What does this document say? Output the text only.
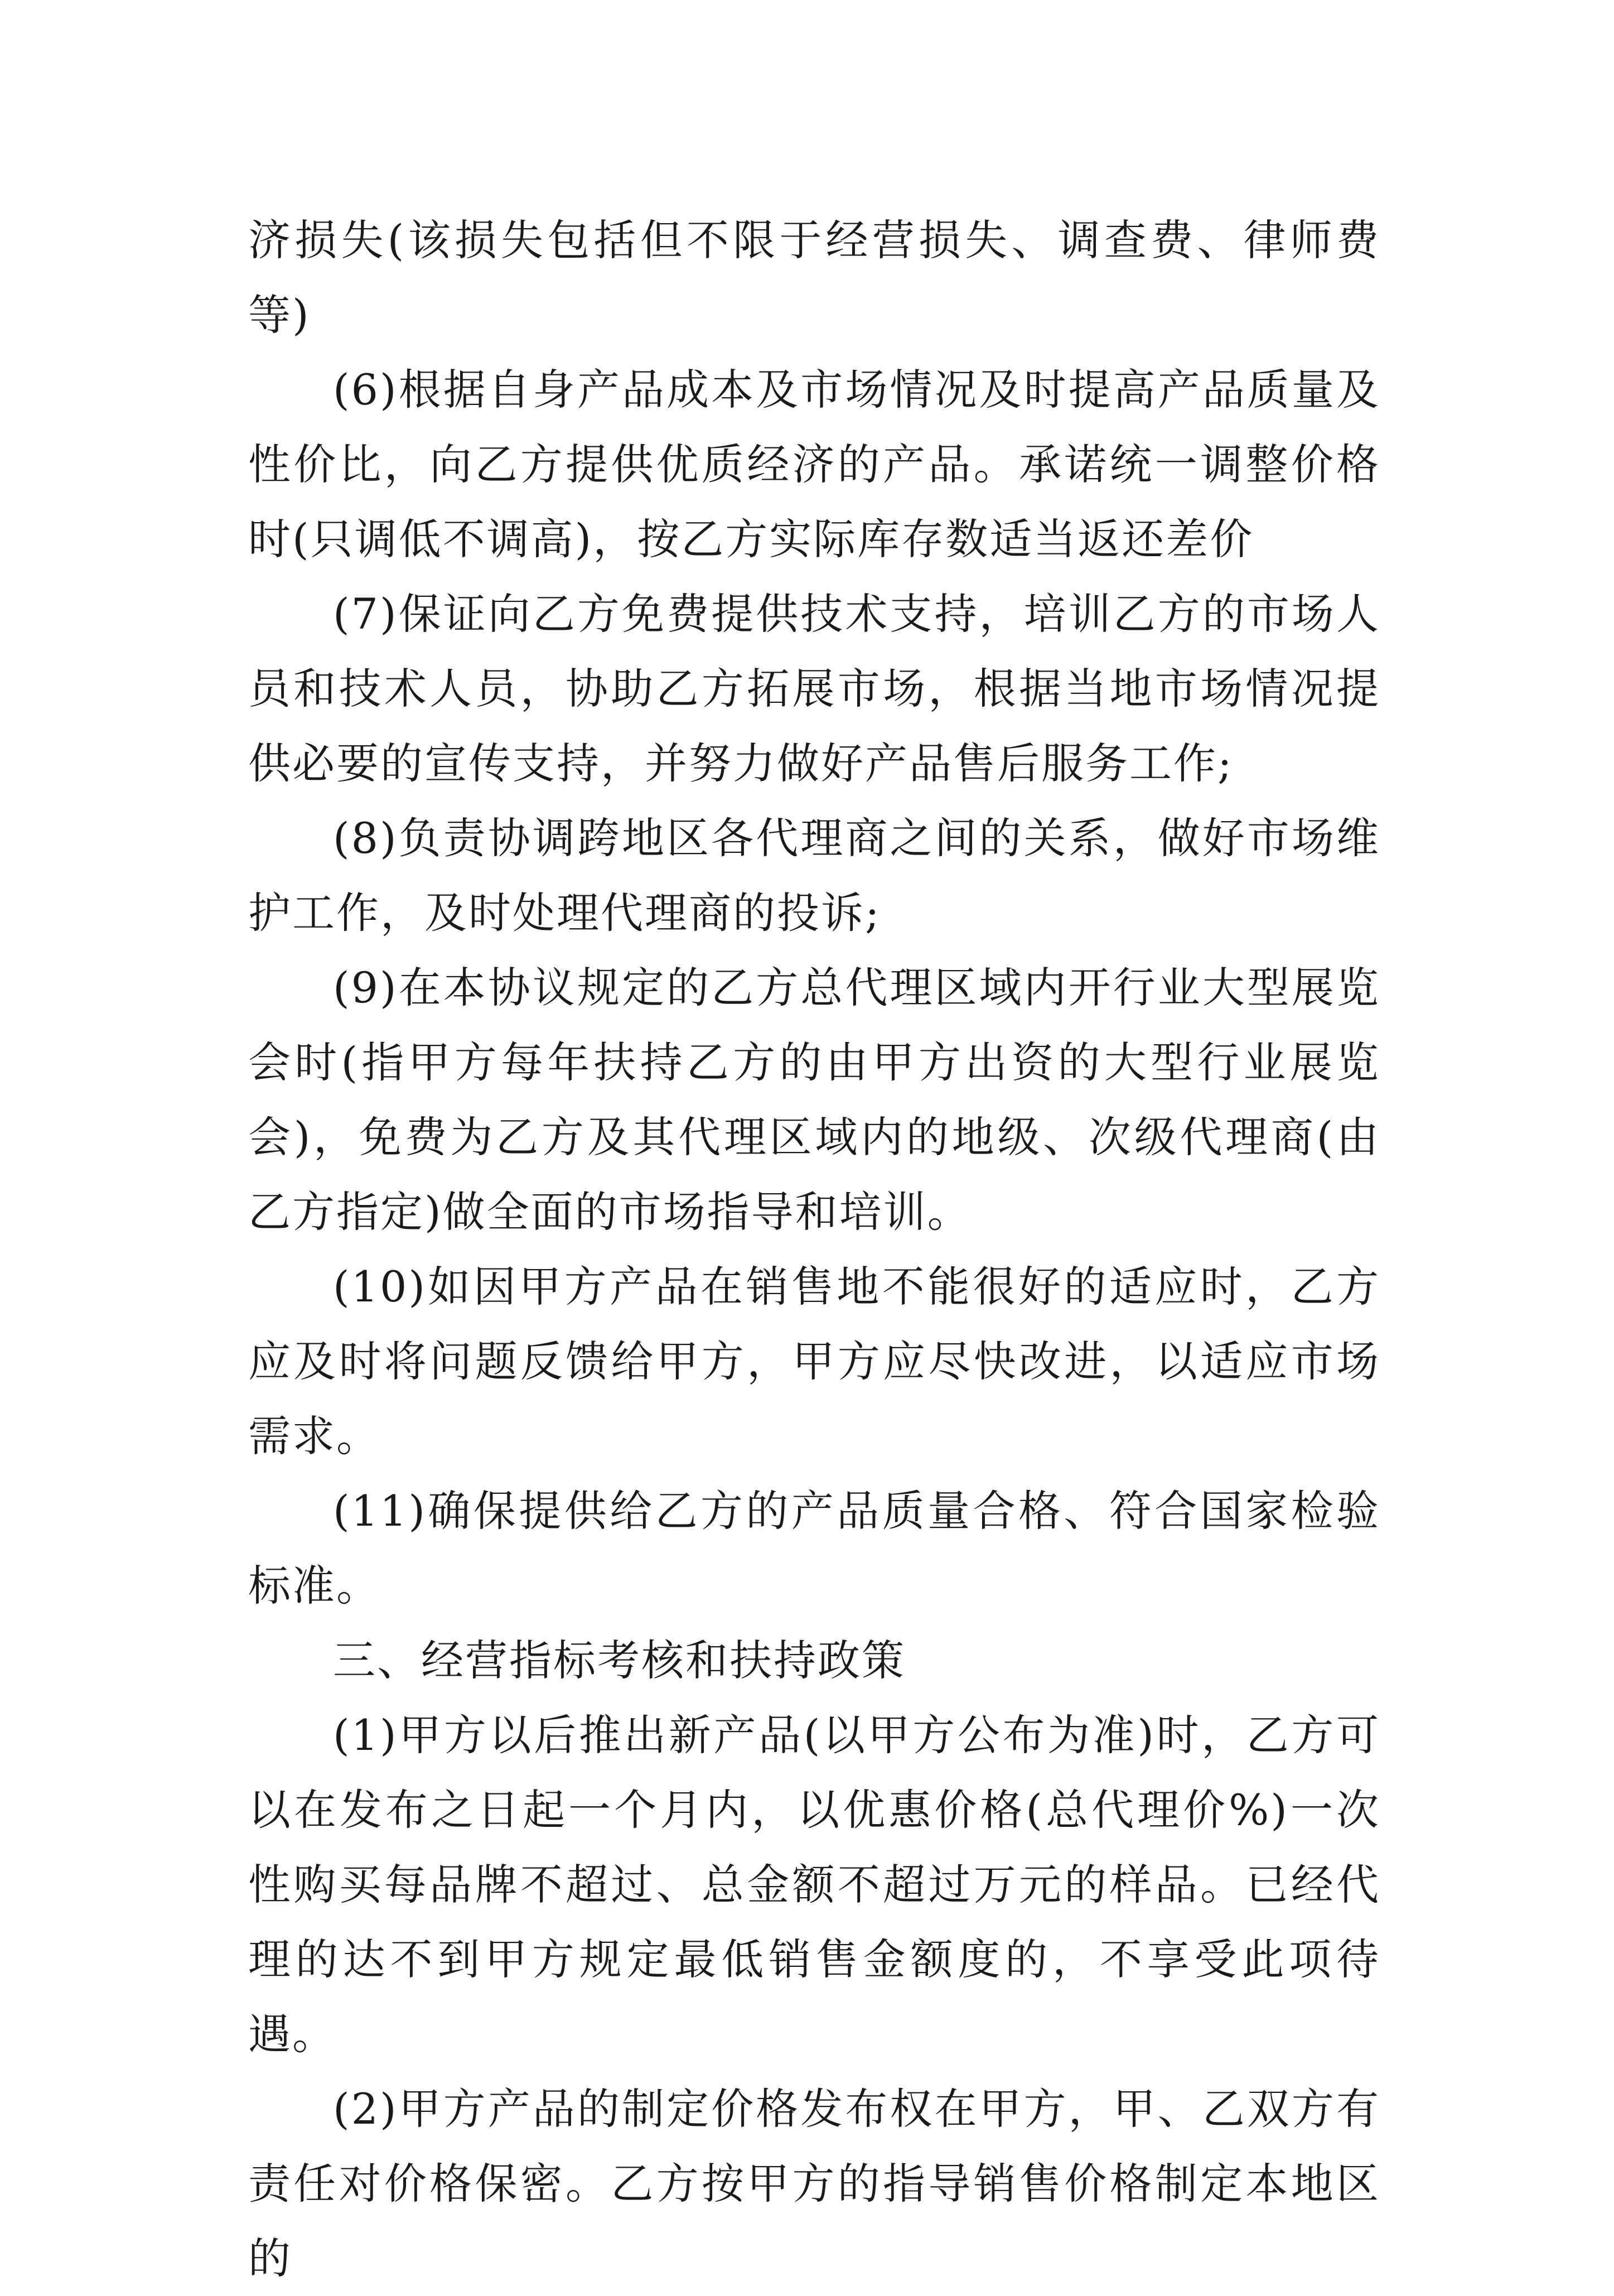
济损失(该损失包括但不限于经营损失、调查费、律师费等)

(6)根据自身产品成本及市场情况及时提高产品质量及性价比，向乙方提供优质经济的产品。承诺统一调整价格时(只调低不调高)，按乙方实际库存数适当返还差价

(7)保证向乙方免费提供技术支持，培训乙方的市场人员和技术人员，协助乙方拓展市场，根据当地市场情况提供必要的宣传支持，并努力做好产品售后服务工作;

(8)负责协调跨地区各代理商之间的关系，做好市场维护工作，及时处理代理商的投诉;

(9)在本协议规定的乙方总代理区域内开行业大型展览会时(指甲方每年扶持乙方的由甲方出资的大型行业展览会)，免费为乙方及其代理区域内的地级、次级代理商(由乙方指定)做全面的市场指导和培训。

(10)如因甲方产品在销售地不能很好的适应时，乙方应及时将问题反馈给甲方，甲方应尽快改进，以适应市场需求。

(11)确保提供给乙方的产品质量合格、符合国家检验标准。

三、经营指标考核和扶持政策

(1)甲方以后推出新产品(以甲方公布为准)时，乙方可以在发布之日起一个月内，以优惠价格(总代理价%)一次性购买每品牌不超过、总金额不超过万元的样品。已经代理的达不到甲方规定最低销售金额度的，不享受此项待遇。

(2)甲方产品的制定价格发布权在甲方，甲、乙双方有责任对价格保密。乙方按甲方的指导销售价格制定本地区的
